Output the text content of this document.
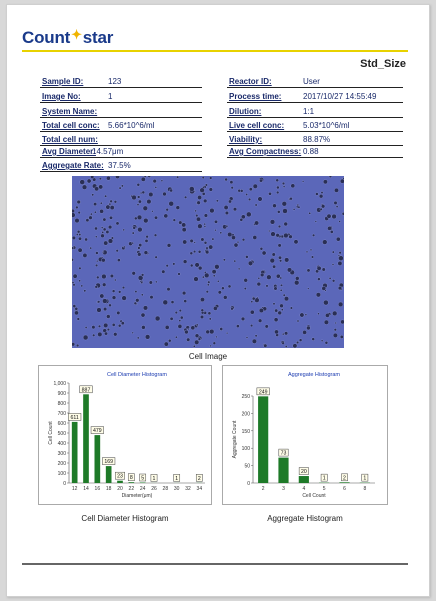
Count✦star
Std_Size
Sample ID:	123
Image No:	1
System Name:
Total cell conc: 5.66*10^6/ml
Total cell num:
Avg Diameter:
14.57μm
Aggregate Rate: 37.5%
Reactor ID:	User
Process time:	2017/10/27 14:55:49
Dilution:	1:1
Live cell conc: 5.03*10^6/ml
Viability:	88.87%
Avg Compactness: 0.88
Cell Image
Cell Diameter Histogram
0
100
200
300
400
500
600
700
800
900
1,000
Cell Count
611
12
887
14
479
16
169
18
23
20
8
22
5
24
1
26 28
1
30 32
2
34
Diameter(μm)
Aggregate Histogram
0
50
100
150
200
250
Aggregate Count
249
2
73
3
20
4
1
5
2
6
1
8
Cell Count
Cell Diameter Histogram	Aggregate Histogram
